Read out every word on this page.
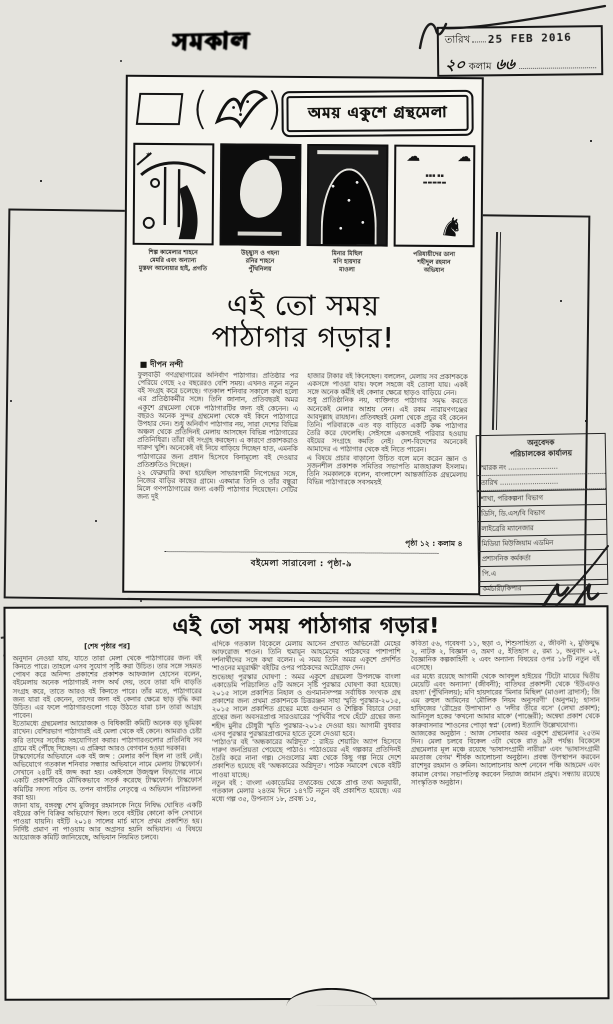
সমকাল	তারিখ 25 FEB 2016
২০ কলাম ৬৬
( )	অময় একুশে গ্রন্থমেলা
✶	☁	☁
▪▪▪ ▪▪
▬▬▬▬▬
♞
শিল্প কামেলার শাহনে
মেমরি এবং অন্যান্য
মুস্তফা আনোয়ার হাই, প্রগতি
উচ্ছ্বাস ও গহনা
রনির শাহনে
পুঁথিনিলয়
মিনার মিছিল
মণি হায়দার
মাওলা
পরিযায়ীদের ডানা
শহীদুল রহমান
অভিযান
এই তো সময়
পাঠাগার গড়ার!
■ দীপন নন্দী
ফুলবাড়ী গণগ্রন্থাগারের অনির্বাণ পাঠাগার। প্রতিষ্ঠার পর পেরিয়ে গেছে ২৫ বছরেরও বেশি সময়। এখনও নতুন নতুন বই সংগ্রহ করে চলেছে। গতকাল শনিবার সকালে কথা হলো এর প্রতিষ্ঠাকর্মীর সঙ্গে। তিনি জানান, প্রতিবছরই অমর একুশে গ্রন্থমেলা থেকে পাঠাগারটির জন্য বই কেনেন। এ বছরও অনেক সুন্দর গ্রন্থমেলা থেকে বই কিনে পাঠাগারে উপহার দেন। শুধু অনির্বাণ পাঠাগার নয়, সারা দেশের বিভিন্ন অঞ্চল থেকে প্রতিদিনই মেলায় আসছেন বিভিন্ন পাঠাগারের প্রতিনিধিরা। তাঁরা বই সংগ্রহ করছেন। এ কারণে প্রকাশকরাও দারুণ খুশি। অনেকেই বই নিয়ে বাড়িয়ে দিচ্ছেন হাত, এমনকি পাঠাগারের জন্য প্রধান হিসেবে বিনামূল্যে বই দেওয়ার প্রতিশ্রুতিও দিচ্ছেন।
২২ ফেব্রুয়ারি কথা হয়েছিল সাভারগামী নিপেন্দ্রের সঙ্গে, নিজের বাড়ির কাছের গ্রামে। একমাত্র তিনি ও তাঁর বন্ধুরা মিলে গণপাঠাগারের জন্য একটি পাঠাগার দিয়েছেন। সেটির জন্য দুই
হাজার টাকার বই কিনেছেন। বললেন, মেলায় সব প্রকাশককে একসঙ্গে পাওয়া যায়। ফলে সহজে বই তোলা যায়। একই সঙ্গে অনেক কর্মীই বই কেনার ক্ষেত্রে ছাড়ও বাড়িয়ে নেন।
শুধু প্রাতিষ্ঠানিক নয়, ব্যক্তিগত পাঠাগার সমৃদ্ধ করতে অনেকেই মেলার আশ্রয় নেন। এই রকম নারায়ণগঞ্জের আবদুল্লাহ রায়হান। প্রতিবছরই মেলা থেকে প্রচুর বই কেনেন তিনি। পরিবারকে এত বড় বাড়িতে একটি কক্ষ পাঠাগার তৈরি করে ফেলেছি। সেইসঙ্গে একসঙ্গেই পরিবার হওয়ায় বইয়ের সংগ্রহে কমতি নেই। দেশ-বিদেশের অনেকেই আমাদের এ পাঠাগার থেকে বই নিতে পারেন।
এ বিষয়ে প্রচার বাড়ানো উচিত বলে মনে করেন জ্ঞান ও সৃজনশীল প্রকাশক সমিতির সভাপতি মাজহারুল ইসলাম। তিনি সমকালকে বলেন, বাংলাদেশ আন্তর্জাতিক গ্রন্থমেলায় বিভিন্ন পাঠাগারকে সবসময়ই
পৃষ্ঠা ১২ : কলাম ৪
বইমেলা সারাবেলা : পৃষ্ঠা-৯
অনুবেদক
পরিচালকের কার্যালয়
স্মারক নং .......................
তারিখ ...........................
শাখা, পরিকল্পনা বিভাগ
ডিসি, ডি.এস/বি বিভাগ
লাইব্রেরি ম্যানেজার
মিডিয়া মিউজিয়াম এডমিন
প্রশাসনিক কর্মকর্তা
পি.এ
কর্মচারী/কিপার
এই তো সময় পাঠাগার গড়ার!
[শেষ পৃষ্ঠার পর]
অনুদান নেওয়া যায়, যাতে তারা মেলা থেকে পাঠাগারের জন্য বই কিনতে পারে। তাহলে এসব সুযোগ সৃষ্টি করা উচিত। তার সঙ্গে সহমত পোষণ করে অনিন্দ্য প্রকাশের প্রকাশক আফজাল হোসেন বলেন, বইমেলায় অনেক পাঠাগারই নগদ অর্থ দেয়, তবে তারা যদি বাড়তি সংগ্রহ করে, তাতে আরও বই কিনতে পারে। তাঁর মতে, পাঠাগারের জন্য যারা বই কেনেন, তাদের জন্য বই কেনার ক্ষেত্রে ছাড় বৃদ্ধি করা উচিত। এর ফলে পাঠাগারগুলো গড়ে উঠতে যারা চান তারা আগ্রহ পাবেন।
ইতোমধ্যে গ্রন্থমেলার আয়োজক ও বিধিকারী কমিটি অনেক বড় ভূমিকা রাখেন। বেশিরভাগ পাঠাগারই এই মেলা থেকে বই কেনে। আমরাও চেষ্টা করি তাদের সর্বোচ্চ সহযোগিতা করার। পাঠাগারগুলোর প্রতিনিধি সব গ্রামে বই পৌঁছে দিচ্ছেন। এ প্রক্রিয়া আরও বেগবান হওয়া দরকার।
টাস্কফোর্সের অভিযানে এক বই জব্দ : মেলার কপি ছিল না তাই নেই। অভিযোগে গতকাল শনিবার সন্ধ্যার অভিযানে নামে মেলায় টাস্কফোর্স। সেখানে ২৪টি বই জব্দ করা হয়। একইসঙ্গে উজ্জ্বল বিভাগের নামে একটি প্রকাশনীকে মৌখিকভাবে সতর্ক করেছে টাস্কফোর্স। টাস্কফোর্স কমিটির সদস্য সচিব ড. তপন বাগচীর নেতৃত্বে এ অভিযান পরিচালনা করা হয়।
জানা যায়, বঙ্গবন্ধু শেখ মুজিবুর রহমানকে নিয়ে নিষিদ্ধ ঘোষিত একটি বইয়ের কপি বিক্রির অভিযোগ ছিল। তবে বইটির কোনো কপি সেখানে পাওয়া যায়নি। বইটি ২০১৪ সালের মার্চ মাসে প্রথম প্রকাশিত হয়। নির্দিষ্ট প্রমাণ না পাওয়ায় আর অগ্রসর হয়নি অভিযান। এ বিষয়ে আয়োজক কমিটি জানিয়েছে, অভিযান নিয়মিত চলবে।
এদিকে গতকাল বিকেলে মেলায় আসেন প্রখ্যাত অভিনেত্রী মেহের আফরোজ শাওন। তিনি হুমায়ূন আহমেদের পাঠকদের পাশাপাশি দর্শনার্থীদের সঙ্গে কথা বলেন। এ সময় তিনি অমর একুশে প্রদর্শিত 'শাওনের ময়ূরাক্ষী' বইটির ওপর পাঠকদের অটোগ্রাফ দেন।
শুভেচ্ছা পুরস্কার ঘোষণা : অমর একুশে গ্রন্থমেলা উপলক্ষে বাংলা একাডেমি পরিচালিত ৫টি অঙ্গনে সৃষ্টি পুরস্কার ঘোষণা করা হয়েছে। ২০১৫ সালে প্রকাশিত নিহাল ও গুণমানসম্পন্ন সর্বাধিক সংখ্যক গ্রন্থ প্রকাশের জন্য প্রথমা প্রকাশনকে চিত্তরঞ্জন সাহা স্মৃতি পুরস্কার-২০১৫, ২০১৫ সালে প্রকাশিত গ্রন্থের মধ্যে গুণমান ও শৈল্পিক বিচারে সেরা গ্রন্থের জন্য অবসরপ্রাপ্ত সারওয়ারের 'পৃথিবীর পথে হেঁটে' গ্রন্থের জন্য শহীদ মুনীর চৌধুরী স্মৃতি পুরস্কার-২০১৫ দেওয়া হয়। আগামী বুধবার এসব পুরস্কার পুরস্কারপ্রাপ্তদের হাতে তুলে দেওয়া হবে।
'পাঠাও'র বই 'অন্ধকারের অগ্নিদূত' : রাইড শেয়ারিং অ্যাপ হিসেবে দারুণ জনপ্রিয়তা পেয়েছে পাঠাও। পাঠাওয়ের এই গল্পকার প্রতিদিনই তৈরি করে নানা গল্প। সেগুলোর মধ্য থেকে কিছু গল্প নিয়ে দেশে প্রকাশিত হয়েছে বই 'অন্ধকারের অগ্নিদূত'। পাঠক সমাবেশ থেকে বইটি পাওয়া যাচ্ছে।
নতুন বই : বাংলা একাডেমির তথ্যকেন্দ্র থেকে প্রাপ্ত তথ্য অনুযায়ী, গতকাল মেলার ২৪তম দিনে ১৪৭টি নতুন বই প্রকাশিত হয়েছে। এর মধ্যে গল্প ৩৫, উপন্যাস ১৮, প্রবন্ধ ১৫,
কবিতা ৫৬, গবেষণা ১১, ছড়া ৩, শিশুসাহিত্য ৫, জীবনী ২, মুক্তিযুদ্ধ ২, নাটক ২, বিজ্ঞান ৩, ভ্রমণ ৫, ইতিহাস ৫, রম্য ১, অনুবাদ ০২, বৈজ্ঞানিক কল্পকাহিনী ২ এবং অন্যান্য বিষয়ের ওপর ১৮টি নতুন বই এসেছে।
এর মধ্যে রয়েছে আগামী থেকে আবদুল হাইয়ের 'টিটো মায়ের দ্বিতীয় মেয়েটি এবং অন্যান্য' (জীবনী); বাতিঘর প্রকাশনী থেকে 'ইউএফও রহস্য' (পুঁথিনিলয়); মণি হায়দারের 'মিনার মিছিল' (মাওলা ব্রাদার্স); জি এম রুহুল আমিনের 'মৌলিক নিয়ম অনুসরণী' (অনুপম); হাসান হাফিজের 'রৌদ্রের উপাখ্যান' ও 'নদীর তীরে বসে' (লেখা প্রকাশ); আনিসুল হকের 'কখনো আমার মাকে' (পাঞ্জেরী); অন্বেষা প্রকাশ থেকে কারুবাসনার 'শাওনের পোড়া স্বপ্ন' (বেলা) ইত্যাদি উল্লেখযোগ্য।
আজকের অনুষ্ঠান : আজ সোমবার অমর একুশে গ্রন্থমেলার ২৫তম দিন। মেলা চলবে বিকেল ৩টা থেকে রাত ৯টা পর্যন্ত। বিকেলে গ্রন্থমেলার মূল মঞ্চে রয়েছে 'ভাষাসংগ্রামী নারীরা' এবং 'ভাষাসংগ্রামী মমতাজ বেগম' শীর্ষক আলোচনা অনুষ্ঠান। প্রবন্ধ উপস্থাপন করবেন রাশেদুর রহমান ও রুমিন। আলোচনায় অংশ নেবেন পঞ্চি আহমেদ এবং কামাল বেগম। সভাপতিত্ব করবেন নিয়াজ জামান প্রমুখ। সন্ধ্যায় রয়েছে সাংস্কৃতিক অনুষ্ঠান।
